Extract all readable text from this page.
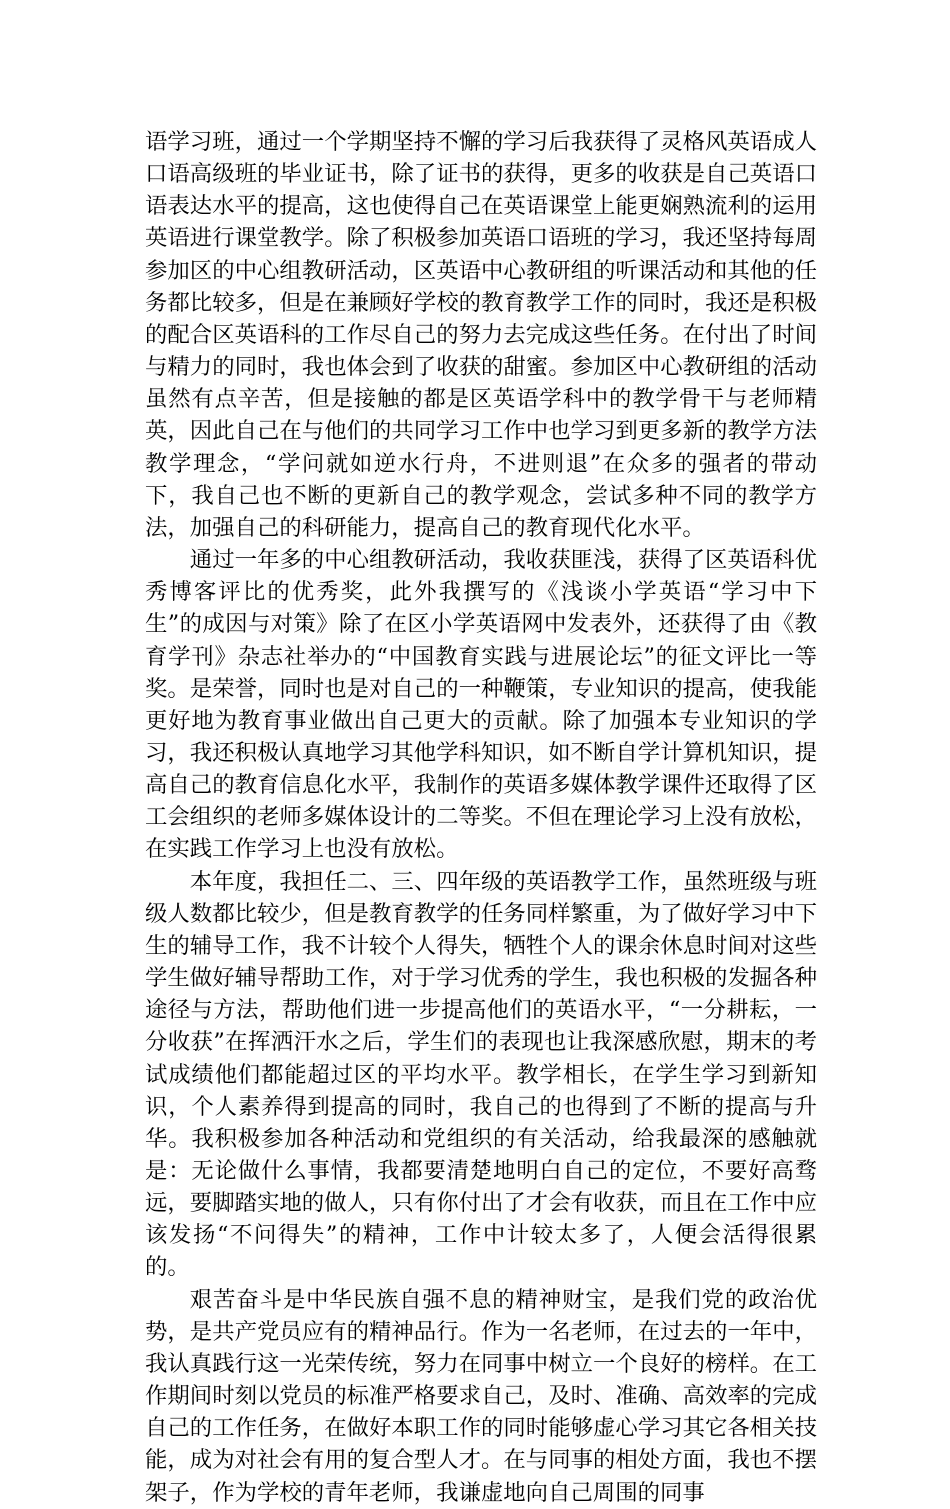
语学习班，通过一个学期坚持不懈的学习后我获得了灵格风英语成人口语高级班的毕业证书，除了证书的获得，更多的收获是自己英语口语表达水平的提高，这也使得自己在英语课堂上能更娴熟流利的运用英语进行课堂教学。除了积极参加英语口语班的学习，我还坚持每周参加区的中心组教研活动，区英语中心教研组的听课活动和其他的任务都比较多，但是在兼顾好学校的教育教学工作的同时，我还是积极的配合区英语科的工作尽自己的努力去完成这些任务。在付出了时间与精力的同时，我也体会到了收获的甜蜜。参加区中心教研组的活动虽然有点辛苦，但是接触的都是区英语学科中的教学骨干与老师精英，因此自己在与他们的共同学习工作中也学习到更多新的教学方法教学理念，“学问就如逆水行舟，不进则退”在众多的强者的带动下，我自己也不断的更新自己的教学观念，尝试多种不同的教学方法，加强自己的科研能力，提高自己的教育现代化水平。

通过一年多的中心组教研活动，我收获匪浅，获得了区英语科优秀博客评比的优秀奖，此外我撰写的《浅谈小学英语“学习中下生”的成因与对策》除了在区小学英语网中发表外，还获得了由《教育学刊》杂志社举办的“中国教育实践与进展论坛”的征文评比一等奖。是荣誉，同时也是对自己的一种鞭策，专业知识的提高，使我能更好地为教育事业做出自己更大的贡献。除了加强本专业知识的学习，我还积极认真地学习其他学科知识，如不断自学计算机知识，提高自己的教育信息化水平，我制作的英语多媒体教学课件还取得了区工会组织的老师多媒体设计的二等奖。不但在理论学习上没有放松，在实践工作学习上也没有放松。

本年度，我担任二、三、四年级的英语教学工作，虽然班级与班级人数都比较少，但是教育教学的任务同样繁重，为了做好学习中下生的辅导工作，我不计较个人得失，牺牲个人的课余休息时间对这些学生做好辅导帮助工作，对于学习优秀的学生，我也积极的发掘各种途径与方法，帮助他们进一步提高他们的英语水平，“一分耕耘，一分收获”在挥洒汗水之后，学生们的表现也让我深感欣慰，期末的考试成绩他们都能超过区的平均水平。教学相长，在学生学习到新知识，个人素养得到提高的同时，我自己的也得到了不断的提高与升华。我积极参加各种活动和党组织的有关活动，给我最深的感触就是：无论做什么事情，我都要清楚地明白自己的定位，不要好高骛远，要脚踏实地的做人，只有你付出了才会有收获，而且在工作中应该发扬“不问得失”的精神，工作中计较太多了，人便会活得很累的。

艰苦奋斗是中华民族自强不息的精神财宝，是我们党的政治优势，是共产党员应有的精神品行。作为一名老师，在过去的一年中，我认真践行这一光荣传统，努力在同事中树立一个良好的榜样。在工作期间时刻以党员的标准严格要求自己，及时、准确、高效率的完成自己的工作任务，在做好本职工作的同时能够虚心学习其它各相关技能，成为对社会有用的复合型人才。在与同事的相处方面，我也不摆架子，作为学校的青年老师，我谦虚地向自己周围的同事
